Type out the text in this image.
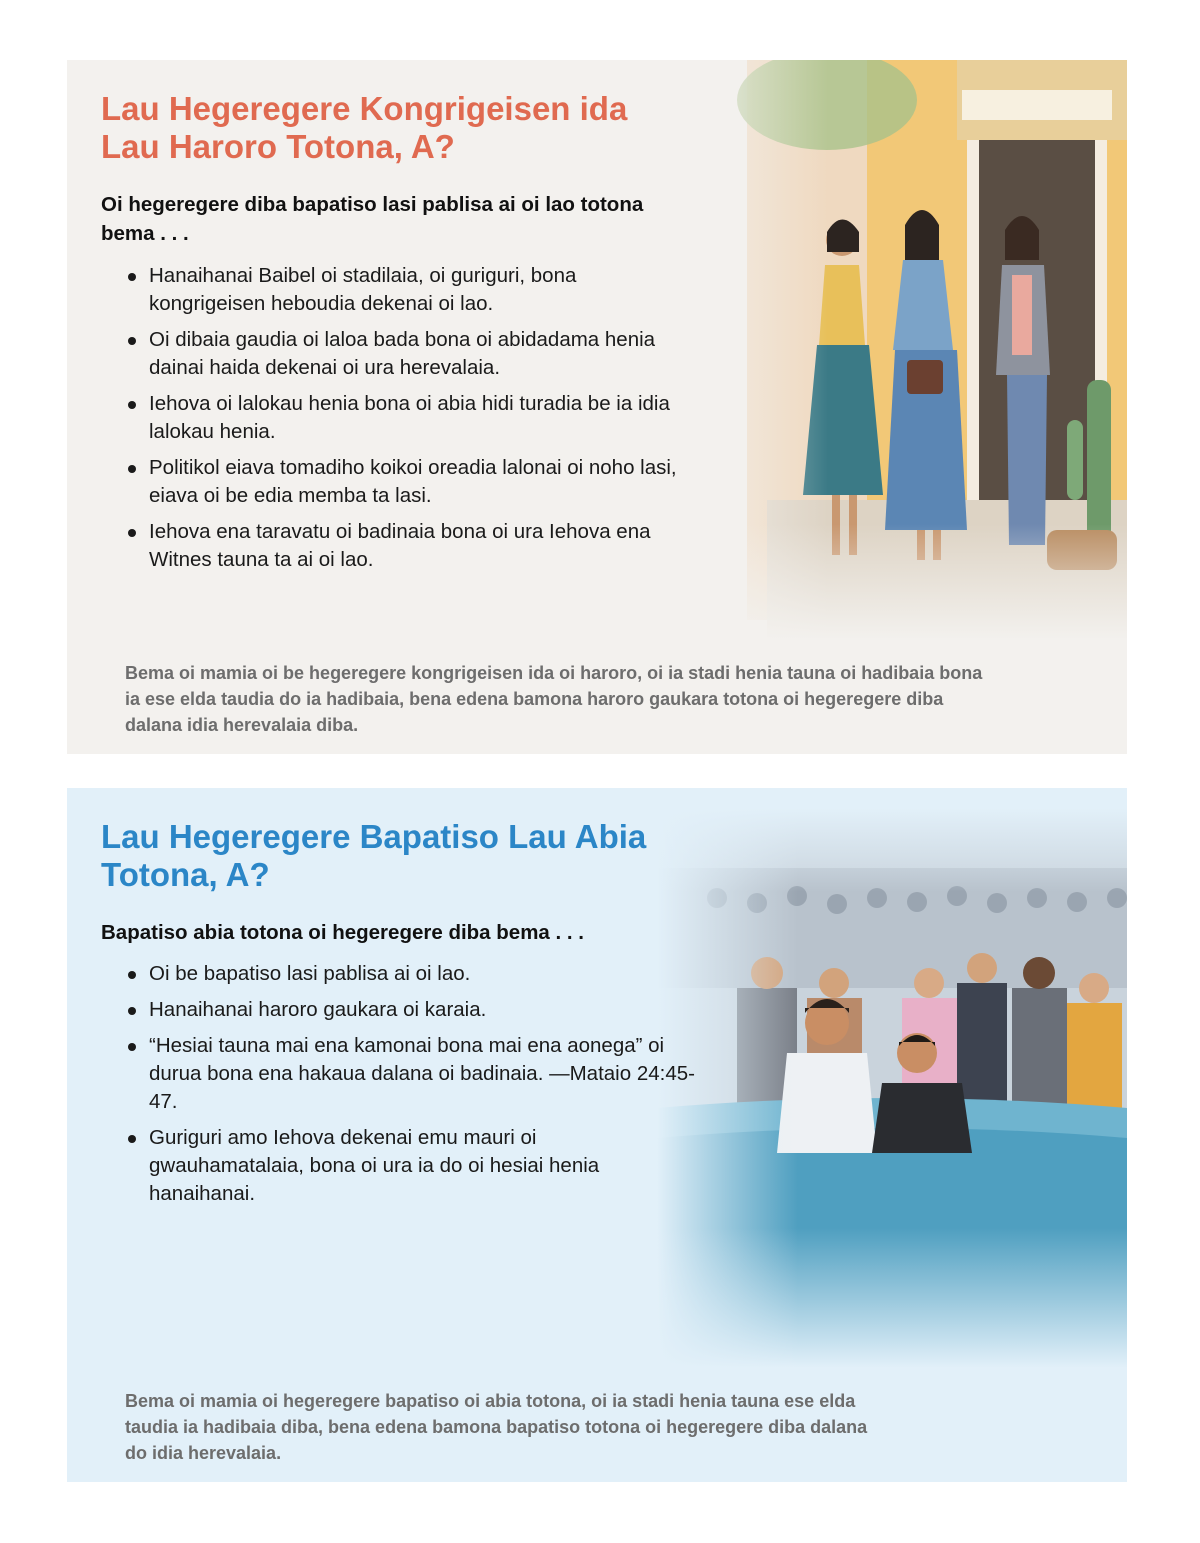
Lau Hegeregere Kongrigeisen ida Lau Haroro Totona, A?
Oi hegeregere diba bapatiso lasi pablisa ai oi lao totona bema . . .
Hanaihanai Baibel oi stadilaia, oi guriguri, bona kongrigeisen heboudia dekenai oi lao.
Oi dibaia gaudia oi laloa bada bona oi abidadama henia dainai haida dekenai oi ura herevalaia.
Iehova oi lalokau henia bona oi abia hidi turadia be ia idia lalokau henia.
Politikol eiava tomadiho koikoi oreadia lalonai oi noho lasi, eiava oi be edia memba ta lasi.
Iehova ena taravatu oi badinaia bona oi ura Iehova ena Witnes tauna ta ai oi lao.
Bema oi mamia oi be hegeregere kongrigeisen ida oi haroro, oi ia stadi henia tauna oi hadibaia bona ia ese elda taudia do ia hadibaia, bena edena bamona haroro gaukara totona oi hegeregere diba dalana idia herevalaia diba.
Lau Hegeregere Bapatiso Lau Abia Totona, A?
Bapatiso abia totona oi hegeregere diba bema . . .
Oi be bapatiso lasi pablisa ai oi lao.
Hanaihanai haroro gaukara oi karaia.
“Hesiai tauna mai ena kamonai bona mai ena aonega” oi durua bona ena hakaua dalana oi badinaia. —Mataio 24:45-47.
Guriguri amo Iehova dekenai emu mauri oi gwauhamatalaia, bona oi ura ia do oi hesiai henia hanaihanai.
Bema oi mamia oi hegeregere bapatiso oi abia totona, oi ia stadi henia tauna ese elda taudia ia hadibaia diba, bena edena bamona bapatiso totona oi hegeregere diba dalana do idia herevalaia.
